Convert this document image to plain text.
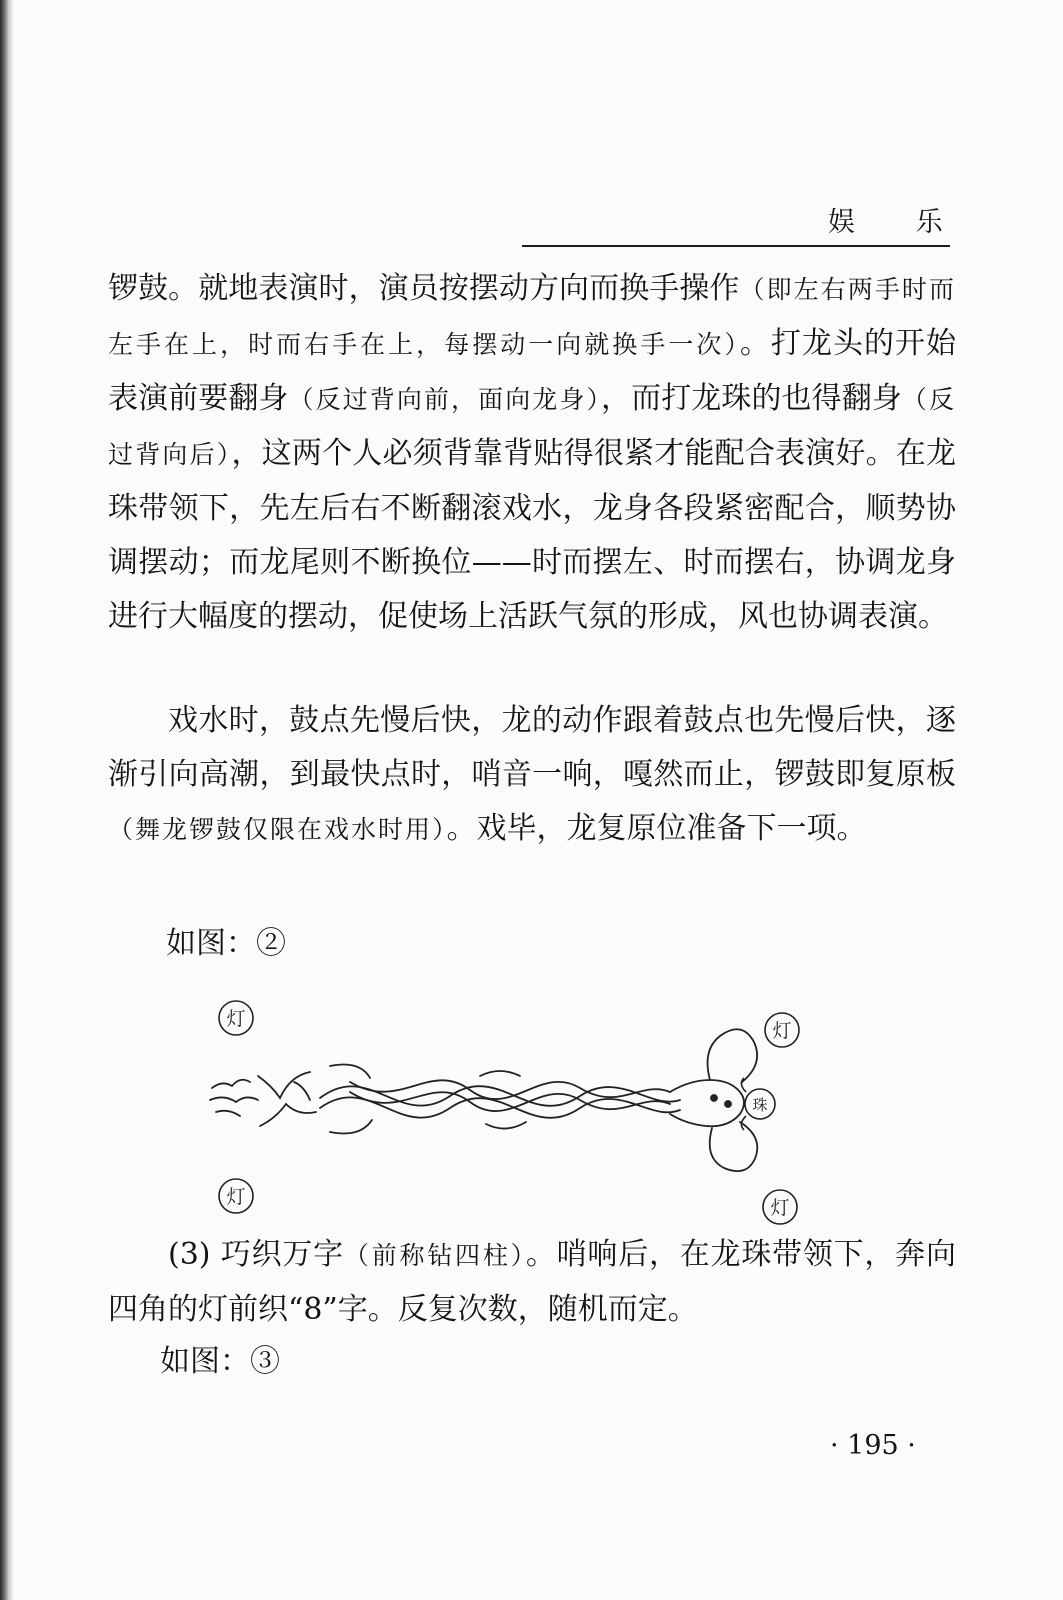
娱 乐
锣鼓。就地表演时，演员按摆动方向而换手操作（即左右两手时而左手在上，时而右手在上，每摆动一向就换手一次）。打龙头的开始表演前要翻身（反过背向前，面向龙身），而打龙珠的也得翻身（反过背向后），这两个人必须背靠背贴得很紧才能配合表演好。在龙珠带领下，先左后右不断翻滚戏水，龙身各段紧密配合，顺势协调摆动；而龙尾则不断换位——时而摆左、时而摆右，协调龙身进行大幅度的摆动，促使场上活跃气氛的形成，风也协调表演。
戏水时，鼓点先慢后快，龙的动作跟着鼓点也先慢后快，逐渐引向高潮，到最快点时，哨音一响，嘎然而止，锣鼓即复原板（舞龙锣鼓仅限在戏水时用）。戏毕，龙复原位准备下一项。
如图：②
灯
灯
灯	灯
珠
(3) 巧织万字（前称钻四柱）。哨响后，在龙珠带领下，奔向四角的灯前织“8”字。反复次数，随机而定。
如图：③
· 195 ·
